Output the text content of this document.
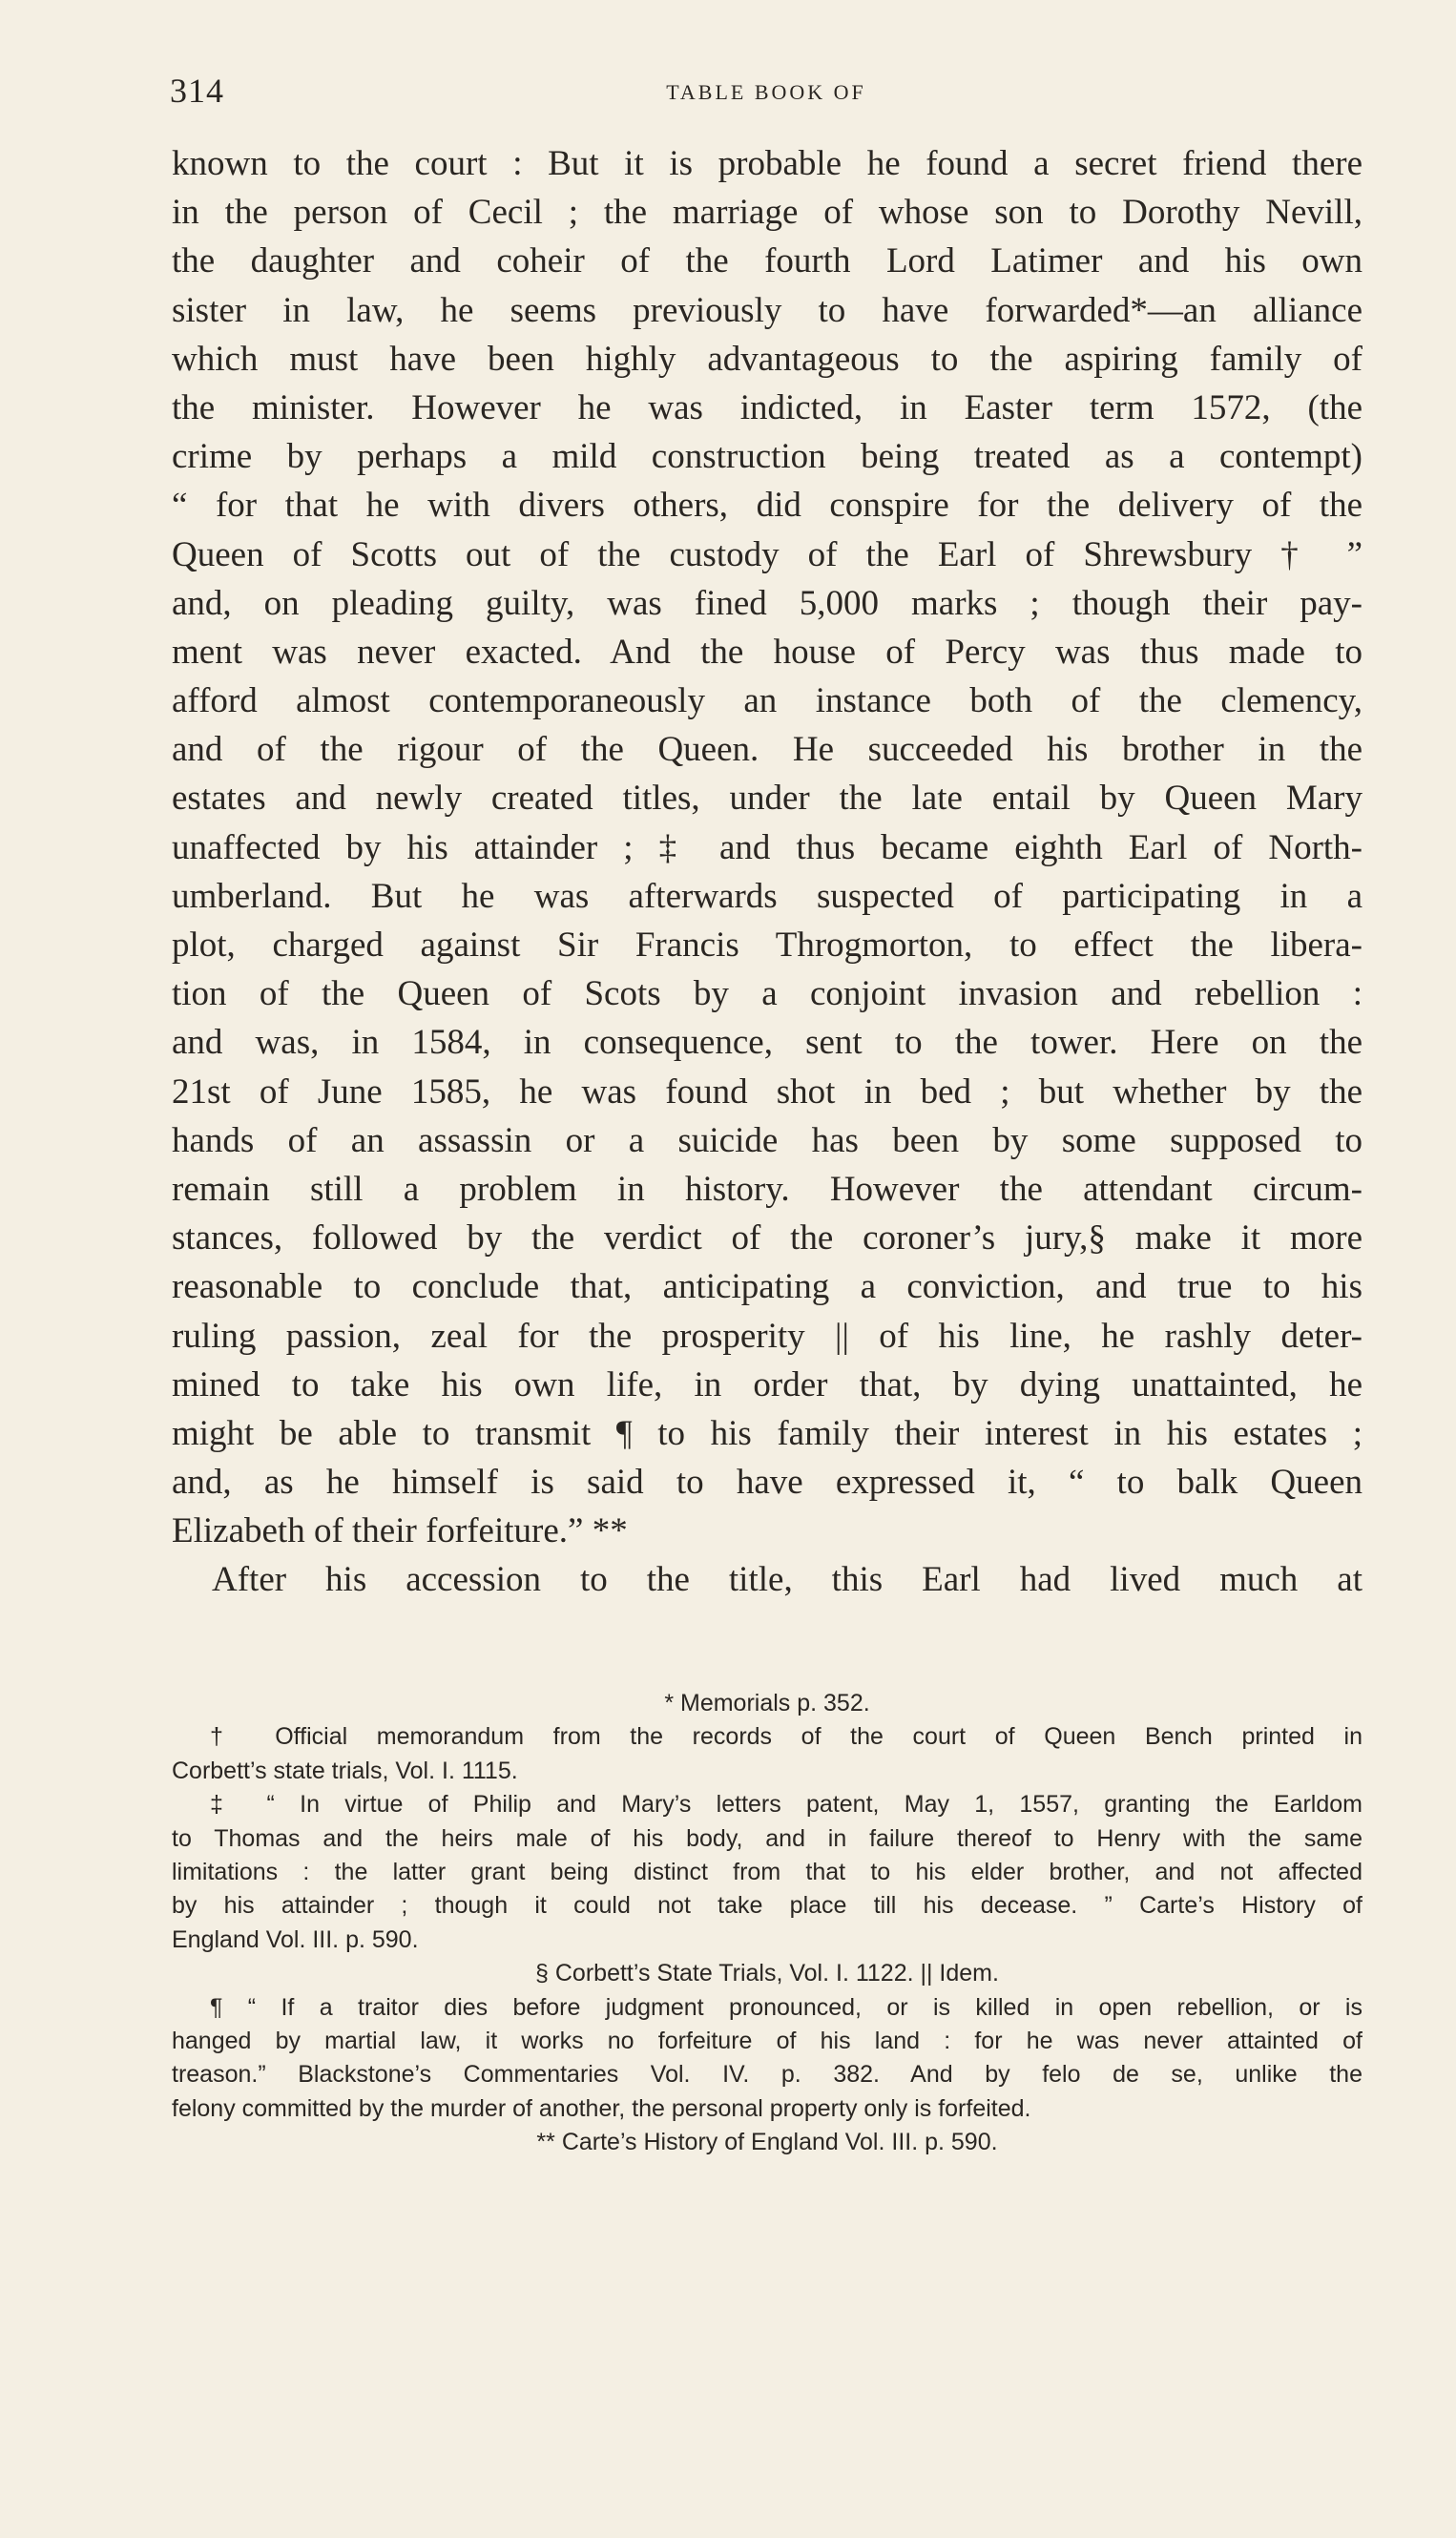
314	TABLE BOOK OF
known to the court : But it is probable he found a secret friend there
in the person of Cecil ; the marriage of whose son to Dorothy Nevill,
the daughter and coheir of the fourth Lord Latimer and his own
sister in law, he seems previously to have forwarded*—an alliance
which must have been highly advantageous to the aspiring family of
the minister. However he was indicted, in Easter term 1572, (the
crime by perhaps a mild construction being treated as a contempt)
“ for that he with divers others, did conspire for the delivery of the
Queen of Scotts out of the custody of the Earl of Shrewsbury † ”
and, on pleading guilty, was fined 5,000 marks ; though their pay-
ment was never exacted. And the house of Percy was thus made to
afford almost contemporaneously an instance both of the clemency,
and of the rigour of the Queen. He succeeded his brother in the
estates and newly created titles, under the late entail by Queen Mary
unaffected by his attainder ; ‡ and thus became eighth Earl of North-
umberland. But he was afterwards suspected of participating in a
plot, charged against Sir Francis Throgmorton, to effect the libera-
tion of the Queen of Scots by a conjoint invasion and rebellion :
and was, in 1584, in consequence, sent to the tower. Here on the
21st of June 1585, he was found shot in bed ; but whether by the
hands of an assassin or a suicide has been by some supposed to
remain still a problem in history. However the attendant circum-
stances, followed by the verdict of the coroner’s jury,§ make it more
reasonable to conclude that, anticipating a conviction, and true to his
ruling passion, zeal for the prosperity || of his line, he rashly deter-
mined to take his own life, in order that, by dying unattainted, he
might be able to transmit ¶ to his family their interest in his estates ;
and, as he himself is said to have expressed it, “ to balk Queen
Elizabeth of their forfeiture.” **
After his accession to the title, this Earl had lived much at
* Memorials p. 352.
† Official memorandum from the records of the court of Queen Bench printed in
Corbett’s state trials, Vol. I. 1115.
‡ “ In virtue of Philip and Mary’s letters patent, May 1, 1557, granting the Earldom
to Thomas and the heirs male of his body, and in failure thereof to Henry with the same
limitations : the latter grant being distinct from that to his elder brother, and not affected
by his attainder ; though it could not take place till his decease. ” Carte’s History of
England Vol. III. p. 590.
§ Corbett’s State Trials, Vol. I. 1122. || Idem.
¶ “ If a traitor dies before judgment pronounced, or is killed in open rebellion, or is
hanged by martial law, it works no forfeiture of his land : for he was never attainted of
treason.” Blackstone’s Commentaries Vol. IV. p. 382. And by felo de se, unlike the
felony committed by the murder of another, the personal property only is forfeited.
** Carte’s History of England Vol. III. p. 590.
